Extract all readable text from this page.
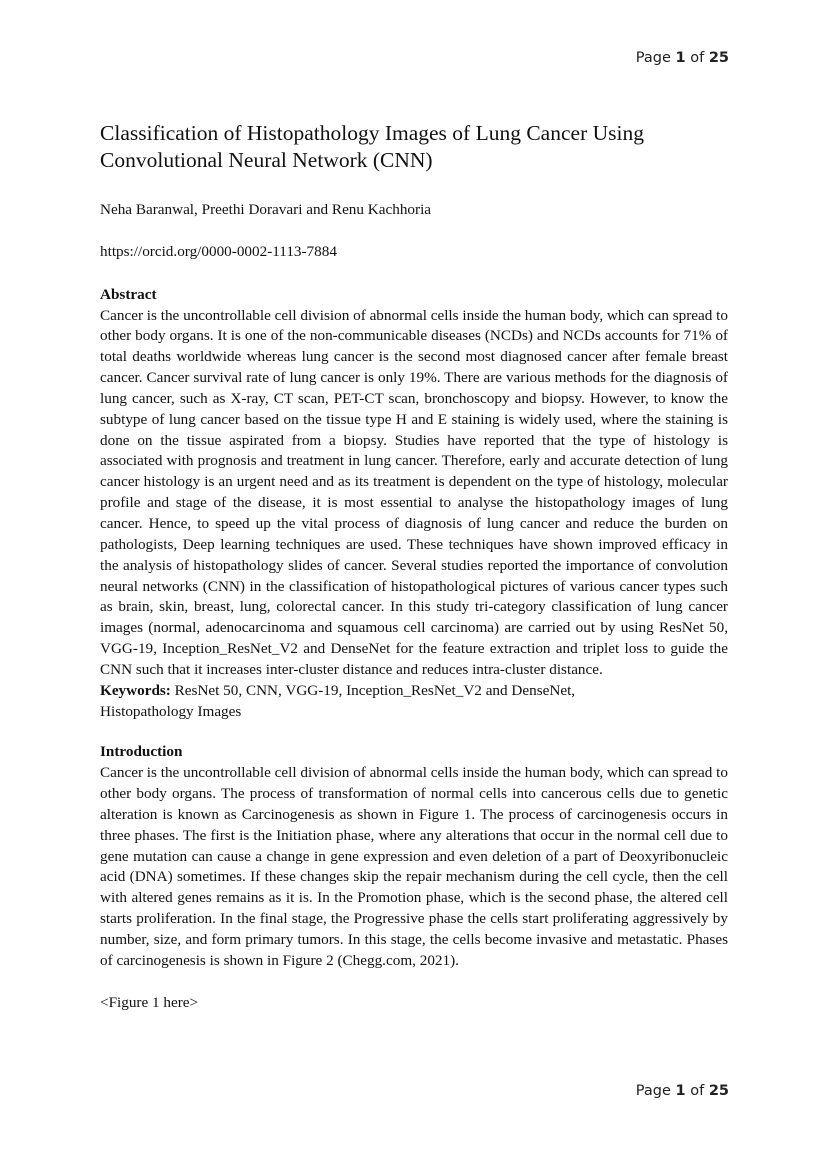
Page 1 of 25
Classification of Histopathology Images of Lung Cancer Using Convolutional Neural Network (CNN)

Neha Baranwal, Preethi Doravari and Renu Kachhoria

https://orcid.org/0000-0002-1113-7884

Abstract

Cancer is the uncontrollable cell division of abnormal cells inside the human body, which can spread to other body organs. It is one of the non-communicable diseases (NCDs) and NCDs accounts for 71% of total deaths worldwide whereas lung cancer is the second most diagnosed cancer after female breast cancer. Cancer survival rate of lung cancer is only 19%. There are various methods for the diagnosis of lung cancer, such as X-ray, CT scan, PET-CT scan, bronchoscopy and biopsy. However, to know the subtype of lung cancer based on the tissue type H and E staining is widely used, where the staining is done on the tissue aspirated from a biopsy. Studies have reported that the type of histology is associated with prognosis and treatment in lung cancer. Therefore, early and accurate detection of lung cancer histology is an urgent need and as its treatment is dependent on the type of histology, molecular profile and stage of the disease, it is most essential to analyse the histopathology images of lung cancer. Hence, to speed up the vital process of diagnosis of lung cancer and reduce the burden on pathologists, Deep learning techniques are used. These techniques have shown improved efficacy in the analysis of histopathology slides of cancer. Several studies reported the importance of convolution neural networks (CNN) in the classification of histopathological pictures of various cancer types such as brain, skin, breast, lung, colorectal cancer. In this study tri-category classification of lung cancer images (normal, adenocarcinoma and squamous cell carcinoma) are carried out by using ResNet 50, VGG-19, Inception_ResNet_V2 and DenseNet for the feature extraction and triplet loss to guide the CNN such that it increases inter-cluster distance and reduces intra-cluster distance.

Keywords: ResNet 50, CNN, VGG-19, Inception_ResNet_V2 and DenseNet,
Histopathology Images

Introduction

Cancer is the uncontrollable cell division of abnormal cells inside the human body, which can spread to other body organs. The process of transformation of normal cells into cancerous cells due to genetic alteration is known as Carcinogenesis as shown in Figure 1. The process of carcinogenesis occurs in three phases. The first is the Initiation phase, where any alterations that occur in the normal cell due to gene mutation can cause a change in gene expression and even deletion of a part of Deoxyribonucleic acid (DNA) sometimes. If these changes skip the repair mechanism during the cell cycle, then the cell with altered genes remains as it is. In the Promotion phase, which is the second phase, the altered cell starts proliferation. In the final stage, the Progressive phase the cells start proliferating aggressively by number, size, and form primary tumors. In this stage, the cells become invasive and metastatic. Phases of carcinogenesis is shown in Figure 2 (Chegg.com, 2021).

<Figure 1 here>

Page 1 of 25
